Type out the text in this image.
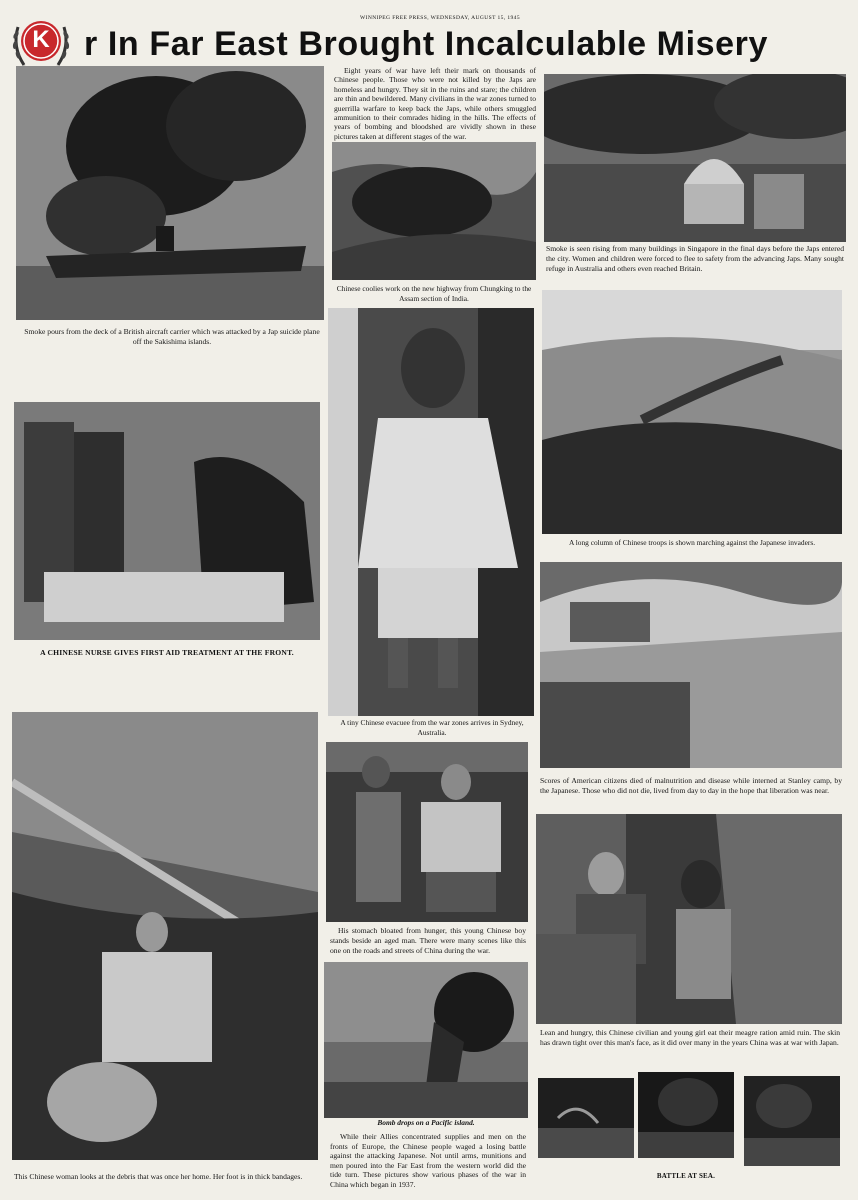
WINNIPEG FREE PRESS, WEDNESDAY, AUGUST 15, 1945
K r In Far East Brought Incalculable Misery
Smoke pours from the deck of a British aircraft carrier which was attacked by a Jap suicide plane off the Sakishima islands.
Eight years of war have left their mark on thousands of Chinese people. Those who were not killed by the Japs are homeless and hungry. They sit in the ruins and stare; the children are thin and bewildered. Many civilians in the war zones turned to guerrilla warfare to keep back the Japs, while others smuggled ammunition to their comrades hiding in the hills. The effects of years of bombing and bloodshed are vividly shown in these pictures taken at different stages of the war.
Chinese coolies work on the new highway from Chungking to the Assam section of India.
Smoke is seen rising from many buildings in Singapore in the final days before the Japs entered the city. Women and children were forced to flee to safety from the advancing Japs. Many sought refuge in Australia and others even reached Britain.
A CHINESE NURSE GIVES FIRST AID TREATMENT AT THE FRONT.
A tiny Chinese evacuee from the war zones arrives in Sydney, Australia.
A long column of Chinese troops is shown marching against the Japanese invaders.
Scores of American citizens died of malnutrition and disease while interned at Stanley camp, by the Japanese. Those who did not die, lived from day to day in the hope that liberation was near.
This Chinese woman looks at the debris that was once her home. Her foot is in thick bandages.
His stomach bloated from hunger, this young Chinese boy stands beside an aged man. There were many scenes like this one on the roads and streets of China during the war.
Lean and hungry, this Chinese civilian and young girl eat their meagre ration amid ruin. The skin has drawn tight over this man's face, as it did over many in the years China was at war with Japan.
Bomb drops on a Pacific island.
While their Allies concentrated supplies and men on the fronts of Europe, the Chinese people waged a losing battle against the attacking Japanese. Not until arms, munitions and men poured into the Far East from the western world did the tide turn. These pictures show various phases of the war in China which began in 1937.
BATTLE AT SEA.
